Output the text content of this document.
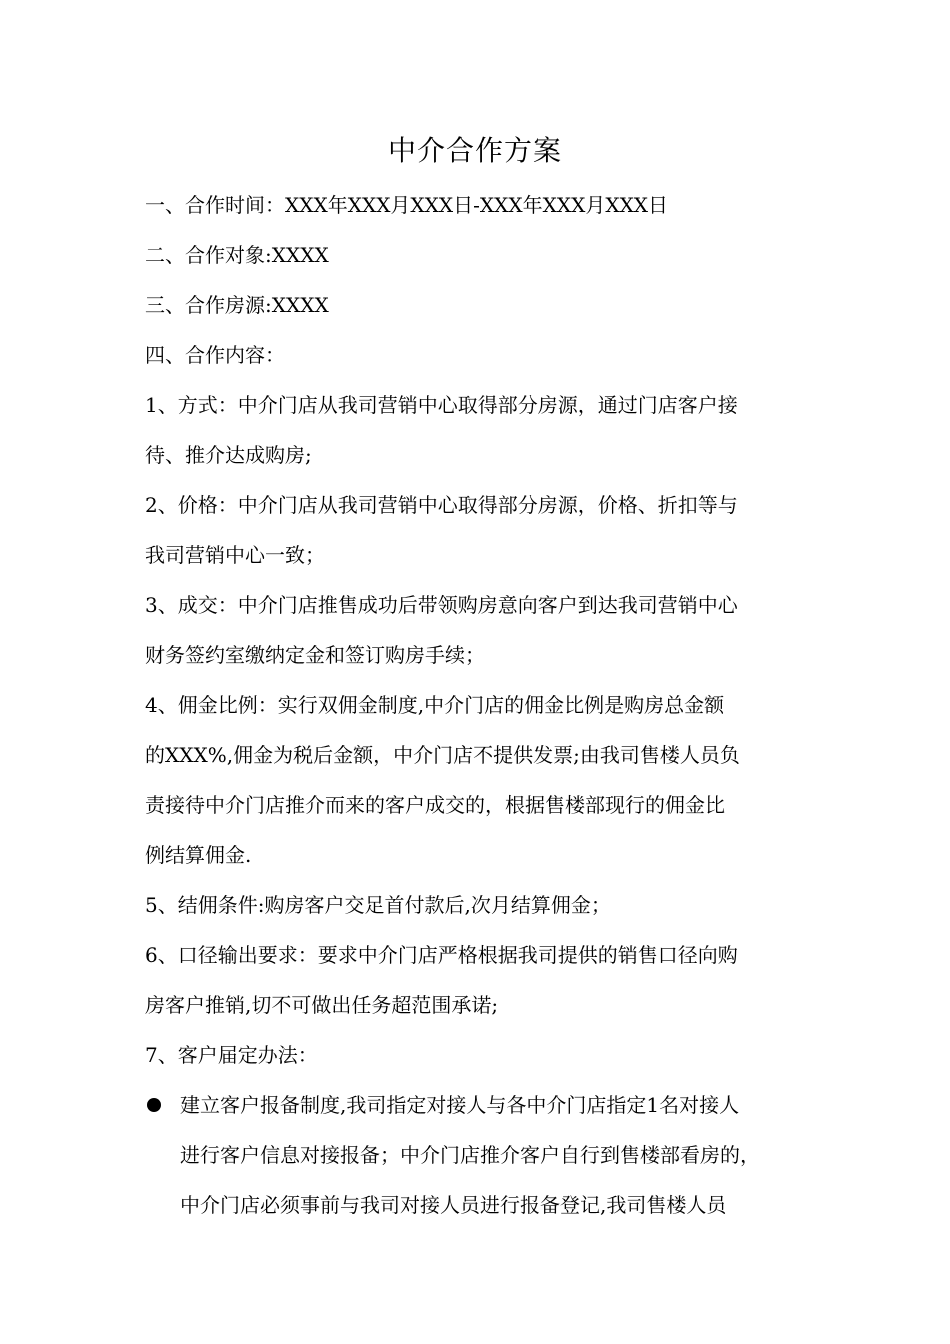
中介合作方案
一、合作时间：XXX年XXX月XXX日-XXX年XXX月XXX日
二、合作对象:XXXX
三、合作房源:XXXX
四、合作内容：
1、方式：中介门店从我司营销中心取得部分房源，通过门店客户接
待、推介达成购房;
2、价格：中介门店从我司营销中心取得部分房源，价格、折扣等与
我司营销中心一致；
3、成交：中介门店推售成功后带领购房意向客户到达我司营销中心
财务签约室缴纳定金和签订购房手续；
4、佣金比例：实行双佣金制度,中介门店的佣金比例是购房总金额
的XXX%,佣金为税后金额，中介门店不提供发票;由我司售楼人员负
责接待中介门店推介而来的客户成交的，根据售楼部现行的佣金比
例结算佣金.
5、结佣条件:购房客户交足首付款后,次月结算佣金；
6、口径输出要求：要求中介门店严格根据我司提供的销售口径向购
房客户推销,切不可做出任务超范围承诺;
7、客户届定办法：
建立客户报备制度,我司指定对接人与各中介门店指定1名对接人
进行客户信息对接报备；中介门店推介客户自行到售楼部看房的，
中介门店必须事前与我司对接人员进行报备登记,我司售楼人员
